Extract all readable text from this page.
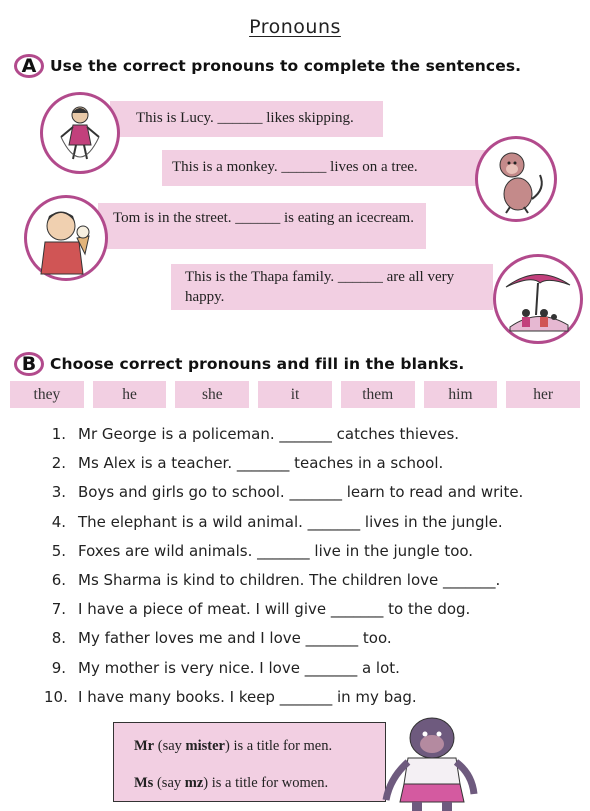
Pronouns
A Use the correct pronouns to complete the sentences.
This is Lucy. ______ likes skipping.
This is a monkey. ______ lives on a tree.
Tom is in the street. ______ is eating an icecream.
This is the Thapa family. ______ are all very happy.
B Choose correct pronouns and fill in the blanks.
they	he	she	it	them	him	her
1. Mr George is a policeman. _______ catches thieves.
2. Ms Alex is a teacher. _______ teaches in a school.
3. Boys and girls go to school. _______ learn to read and write.
4. The elephant is a wild animal. _______ lives in the jungle.
5. Foxes are wild animals. _______ live in the jungle too.
6. Ms Sharma is kind to children. The children love _______.
7. I have a piece of meat. I will give _______ to the dog.
8. My father loves me and I love _______ too.
9. My mother is very nice. I love _______ a lot.
10. I have many books. I keep _______ in my bag.

Mr (say mister) is a title for men.

Ms (say mz) is a title for women.
